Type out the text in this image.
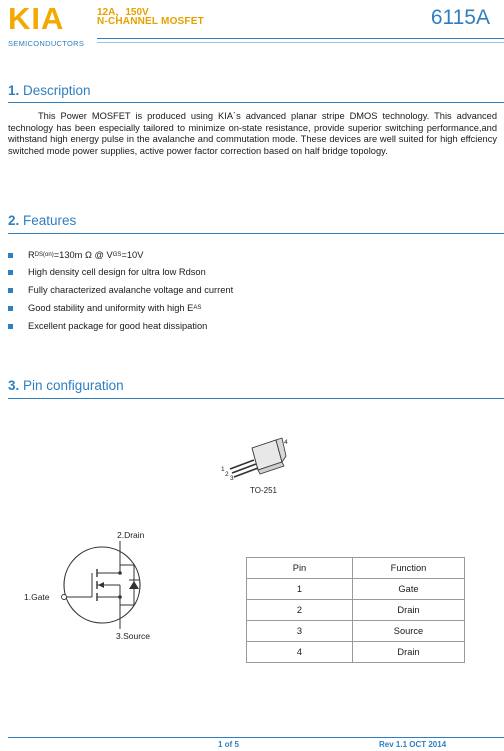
KIA
SEMICONDUCTORS
12A，150V
N-CHANNEL MOSFET	6115A
1. Description

This Power MOSFET is produced using KIA`s advanced planar stripe DMOS technology. This advanced technology has been especially tailored to minimize on-state resistance, provide superior switching performance,and withstand high energy pulse in the avalanche and commutation mode. These devices are well suited for high effciency switched mode power supplies, active power factor correction based on half bridge topology.

2. Features
R DS(on) =130m Ω @ V GS =10V
High density cell design for ultra low Rdson
Fully characterized avalanche voltage and current
Good stability and uniformity with high E AS
Excellent package for good heat dissipation
3. Pin configuration
4
1
2
3
TO-251
2.Drain
1.Gate
3.Source
Pin	Function
1	Gate
2	Drain
3	Source
4	Drain
1 of 5	Rev 1.1 OCT 2014
